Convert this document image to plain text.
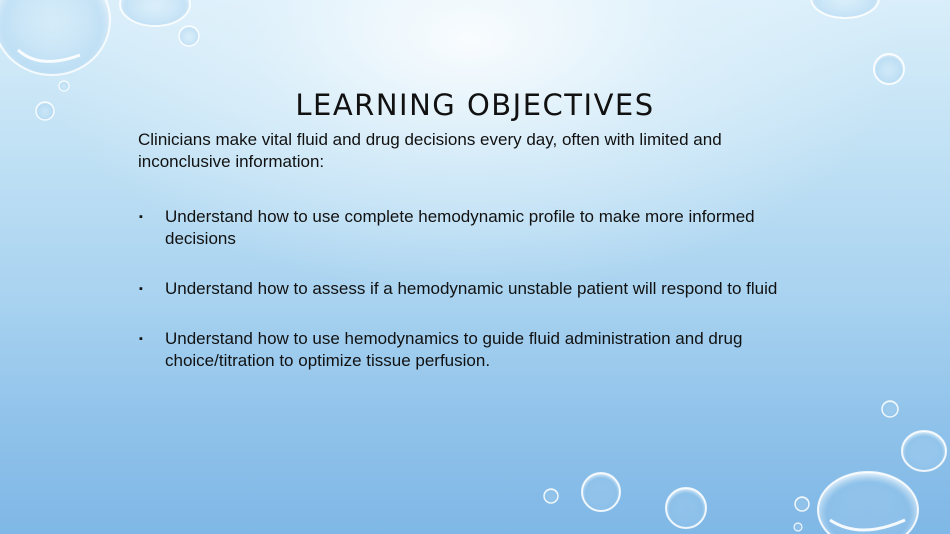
LEARNING OBJECTIVES
Clinicians make vital fluid and drug decisions every day, often with limited and inconclusive information:
▪ Understand how to use complete hemodynamic profile to make more informed decisions
▪ Understand how to assess if a hemodynamic unstable patient will respond to fluid
▪ Understand how to use hemodynamics to guide fluid administration and drug choice/titration to optimize tissue perfusion.
